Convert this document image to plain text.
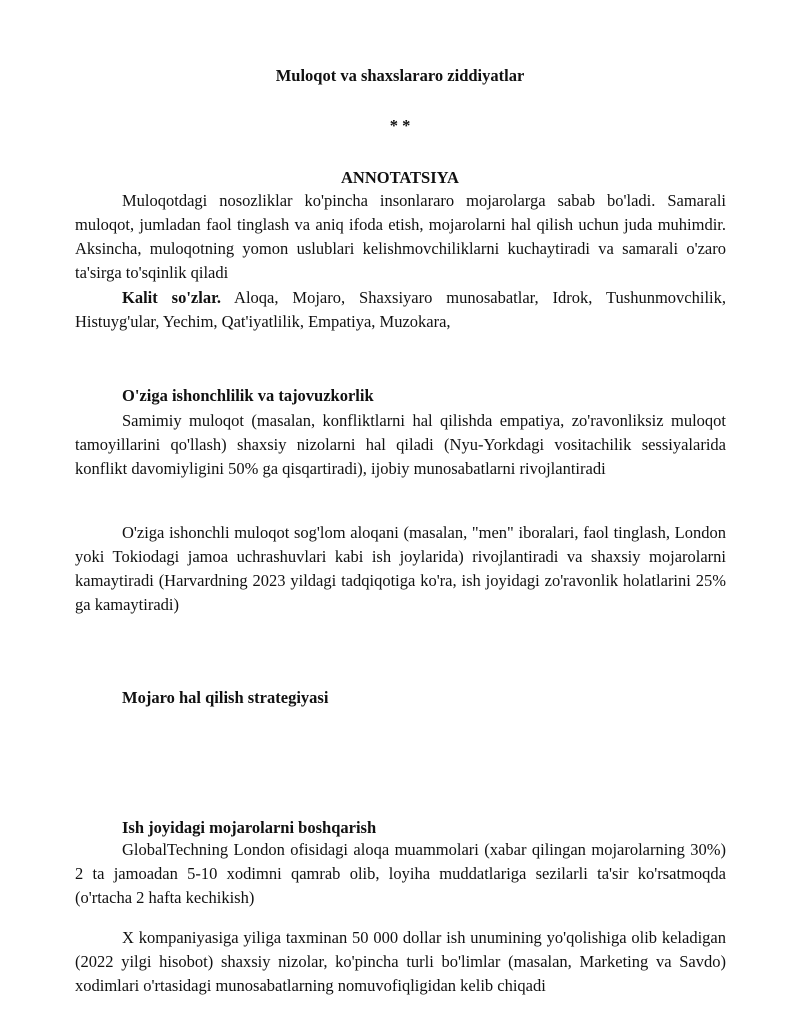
Muloqot va shaxslararo ziddiyatlar
* *
ANNOTATSIYA

Muloqotdagi nosozliklar ko'pincha insonlararo mojarolarga sabab bo'ladi. Samarali muloqot, jumladan faol tinglash va aniq ifoda etish, mojarolarni hal qilish uchun juda muhimdir. Aksincha, muloqotning yomon uslublari kelishmovchiliklarni kuchaytiradi va samarali o'zaro ta'sirga to'sqinlik qiladi

Kalit so'zlar. Aloqa, Mojaro, Shaxsiyaro munosabatlar, Idrok, Tushunmovchilik, Histuyg'ular, Yechim, Qat'iyatlilik, Empatiya, Muzokara,

O'ziga ishonchlilik va tajovuzkorlik

Samimiy muloqot (masalan, konfliktlarni hal qilishda empatiya, zo'ravonliksiz muloqot tamoyillarini qo'llash) shaxsiy nizolarni hal qiladi (Nyu-Yorkdagi vositachilik sessiyalarida konflikt davomiyligini 50% ga qisqartiradi), ijobiy munosabatlarni rivojlantiradi

O'ziga ishonchli muloqot sog'lom aloqani (masalan, "men" iboralari, faol tinglash, London yoki Tokiodagi jamoa uchrashuvlari kabi ish joylarida) rivojlantiradi va shaxsiy mojarolarni kamaytiradi (Harvardning 2023 yildagi tadqiqotiga ko'ra, ish joyidagi zo'ravonlik holatlarini 25% ga kamaytiradi)

Mojaro hal qilish strategiyasi
Ish joyidagi mojarolarni boshqarish

GlobalTechning London ofisidagi aloqa muammolari (xabar qilingan mojarolarning 30%) 2 ta jamoadan 5-10 xodimni qamrab olib, loyiha muddatlariga sezilarli ta'sir ko'rsatmoqda (o'rtacha 2 hafta kechikish)

X kompaniyasiga yiliga taxminan 50 000 dollar ish unumining yo'qolishiga olib keladigan (2022 yilgi hisobot) shaxsiy nizolar, ko'pincha turli bo'limlar (masalan, Marketing va Savdo) xodimlari o'rtasidagi munosabatlarning nomuvofiqligidan kelib chiqadi
